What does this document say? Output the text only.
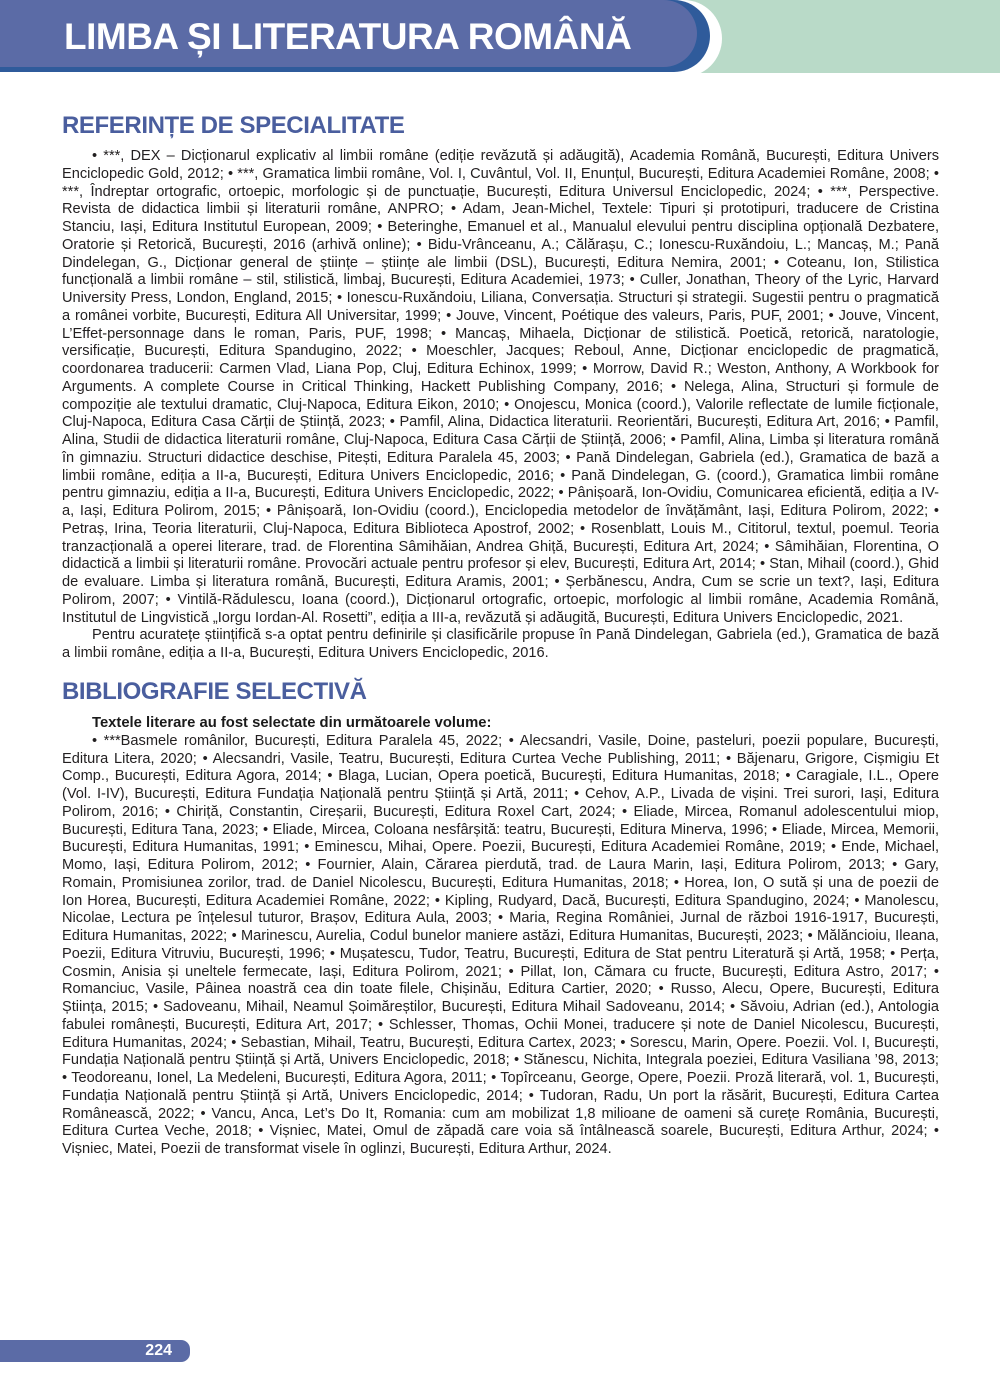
LIMBA ȘI LITERATURA ROMÂNĂ
REFERINȚE DE SPECIALITATE

• ***, DEX – Dicționarul explicativ al limbii române (ediție revăzută și adăugită), Academia Română, București, Editura Univers Enciclopedic Gold, 2012; • ***, Gramatica limbii române, Vol. I, Cuvântul, Vol. II, Enunțul, București, Editura Academiei Române, 2008; • ***, Îndreptar ortografic, ortoepic, morfologic și de punctuație, București, Editura Universul Enciclopedic, 2024; • ***, Perspective. Revista de didactica limbii și literaturii române, ANPRO; • Adam, Jean-Michel, Textele: Tipuri și prototipuri, traducere de Cristina Stanciu, Iași, Editura Institutul European, 2009; • Beteringhe, Emanuel et al., Manualul elevului pentru disciplina opțională Dezbatere, Oratorie și Retorică, București, 2016 (arhivă online); • Bidu-Vrânceanu, A.; Călărașu, C.; Ionescu-Ruxăndoiu, L.; Mancaș, M.; Pană Dindelegan, G., Dicționar general de științe – științe ale limbii (DSL), București, Editura Nemira, 2001; • Coteanu, Ion, Stilistica funcțională a limbii române – stil, stilistică, limbaj, București, Editura Academiei, 1973; • Culler, Jonathan, Theory of the Lyric, Harvard University Press, London, England, 2015; • Ionescu-Ruxăndoiu, Liliana, Conversația. Structuri și strategii. Sugestii pentru o pragmatică a românei vorbite, București, Editura All Universitar, 1999; • Jouve, Vincent, Poétique des valeurs, Paris, PUF, 2001; • Jouve, Vincent, L’Effet-personnage dans le roman, Paris, PUF, 1998; • Mancaș, Mihaela, Dicționar de stilistică. Poetică, retorică, naratologie, versificație, București, Editura Spandugino, 2022; • Moeschler, Jacques; Reboul, Anne, Dicționar enciclopedic de pragmatică, coordonarea traducerii: Carmen Vlad, Liana Pop, Cluj, Editura Echinox, 1999; • Morrow, David R.; Weston, Anthony, A Workbook for Arguments. A complete Course in Critical Thinking, Hackett Publishing Company, 2016; • Nelega, Alina, Structuri și formule de compoziție ale textului dramatic, Cluj-Napoca, Editura Eikon, 2010; • Onojescu, Monica (coord.), Valorile reflectate de lumile ficționale, Cluj-Napoca, Editura Casa Cărții de Știință, 2023; • Pamfil, Alina, Didactica literaturii. Reorientări, București, Editura Art, 2016; • Pamfil, Alina, Studii de didactica literaturii române, Cluj-Napoca, Editura Casa Cărții de Știință, 2006; • Pamfil, Alina, Limba și literatura română în gimnaziu. Structuri didactice deschise, Pitești, Editura Paralela 45, 2003; • Pană Dindelegan, Gabriela (ed.), Gramatica de bază a limbii române, ediția a II-a, București, Editura Univers Enciclopedic, 2016; • Pană Dindelegan, G. (coord.), Gramatica limbii române pentru gimnaziu, ediția a II-a, București, Editura Univers Enciclopedic, 2022; • Pânișoară, Ion-Ovidiu, Comunicarea eficientă, ediția a IV-a, Iași, Editura Polirom, 2015; • Pânișoară, Ion-Ovidiu (coord.), Enciclopedia metodelor de învățământ, Iași, Editura Polirom, 2022; • Petraș, Irina, Teoria literaturii, Cluj-Napoca, Editura Biblioteca Apostrof, 2002; • Rosenblatt, Louis M., Cititorul, textul, poemul. Teoria tranzacțională a operei literare, trad. de Florentina Sâmihăian, Andrea Ghiță, București, Editura Art, 2024; • Sâmihăian, Florentina, O didactică a limbii și literaturii române. Provocări actuale pentru profesor și elev, București, Editura Art, 2014; • Stan, Mihail (coord.), Ghid de evaluare. Limba și literatura română, București, Editura Aramis, 2001; • Șerbănescu, Andra, Cum se scrie un text?, Iași, Editura Polirom, 2007; • Vintilă-Rădulescu, Ioana (coord.), Dicționarul ortografic, ortoepic, morfologic al limbii române, Academia Română, Institutul de Lingvistică „Iorgu Iordan-Al. Rosetti”, ediția a III-a, revăzută și adăugită, București, Editura Univers Enciclopedic, 2021.

Pentru acuratețe științifică s-a optat pentru definirile și clasificările propuse în Pană Dindelegan, Gabriela (ed.), Gramatica de bază a limbii române, ediția a II-a, București, Editura Univers Enciclopedic, 2016.

BIBLIOGRAFIE SELECTIVĂ

Textele literare au fost selectate din următoarele volume:

• ***Basmele românilor, București, Editura Paralela 45, 2022; • Alecsandri, Vasile, Doine, pasteluri, poezii populare, București, Editura Litera, 2020; • Alecsandri, Vasile, Teatru, București, Editura Curtea Veche Publishing, 2011; • Băjenaru, Grigore, Cișmigiu Et Comp., București, Editura Agora, 2014; • Blaga, Lucian, Opera poetică, București, Editura Humanitas, 2018; • Caragiale, I.L., Opere (Vol. I-IV), București, Editura Fundația Națională pentru Știință și Artă, 2011; • Cehov, A.P., Livada de vișini. Trei surori, Iași, Editura Polirom, 2016; • Chiriță, Constantin, Cireșarii, București, Editura Roxel Cart, 2024; • Eliade, Mircea, Romanul adolescentului miop, București, Editura Tana, 2023; • Eliade, Mircea, Coloana nesfârșită: teatru, București, Editura Minerva, 1996; • Eliade, Mircea, Memorii, București, Editura Humanitas, 1991; • Eminescu, Mihai, Opere. Poezii, București, Editura Academiei Române, 2019; • Ende, Michael, Momo, Iași, Editura Polirom, 2012; • Fournier, Alain, Cărarea pierdută, trad. de Laura Marin, Iași, Editura Polirom, 2013; • Gary, Romain, Promisiunea zorilor, trad. de Daniel Nicolescu, București, Editura Humanitas, 2018; • Horea, Ion, O sută și una de poezii de Ion Horea, București, Editura Academiei Române, 2022; • Kipling, Rudyard, Dacă, București, Editura Spandugino, 2024; • Manolescu, Nicolae, Lectura pe înțelesul tuturor, Brașov, Editura Aula, 2003; • Maria, Regina României, Jurnal de război 1916-1917, București, Editura Humanitas, 2022; • Marinescu, Aurelia, Codul bunelor maniere astăzi, Editura Humanitas, București, 2023; • Mălăncioiu, Ileana, Poezii, Editura Vitruviu, București, 1996; • Mușatescu, Tudor, Teatru, București, Editura de Stat pentru Literatură și Artă, 1958; • Perța, Cosmin, Anisia și uneltele fermecate, Iași, Editura Polirom, 2021; • Pillat, Ion, Cămara cu fructe, București, Editura Astro, 2017; • Romanciuc, Vasile, Pâinea noastră cea din toate filele, Chișinău, Editura Cartier, 2020; • Russo, Alecu, Opere, București, Editura Știința, 2015; • Sadoveanu, Mihail, Neamul Șoimăreștilor, București, Editura Mihail Sadoveanu, 2014; • Săvoiu, Adrian (ed.), Antologia fabulei românești, București, Editura Art, 2017; • Schlesser, Thomas, Ochii Monei, traducere și note de Daniel Nicolescu, București, Editura Humanitas, 2024; • Sebastian, Mihail, Teatru, București, Editura Cartex, 2023; • Sorescu, Marin, Opere. Poezii. Vol. I, București, Fundația Națională pentru Știință și Artă, Univers Enciclopedic, 2018; • Stănescu, Nichita, Integrala poeziei, Editura Vasiliana ’98, 2013; • Teodoreanu, Ionel, La Medeleni, București, Editura Agora, 2011; • Topîrceanu, George, Opere, Poezii. Proză literară, vol. 1, București, Fundația Națională pentru Știință și Artă, Univers Enciclopedic, 2014; • Tudoran, Radu, Un port la răsărit, București, Editura Cartea Românească, 2022; • Vancu, Anca, Let’s Do It, Romania: cum am mobilizat 1,8 milioane de oameni să curețe România, București, Editura Curtea Veche, 2018; • Vișniec, Matei, Omul de zăpadă care voia să întâlnească soarele, București, Editura Arthur, 2024; • Vișniec, Matei, Poezii de transformat visele în oglinzi, București, Editura Arthur, 2024.

224
